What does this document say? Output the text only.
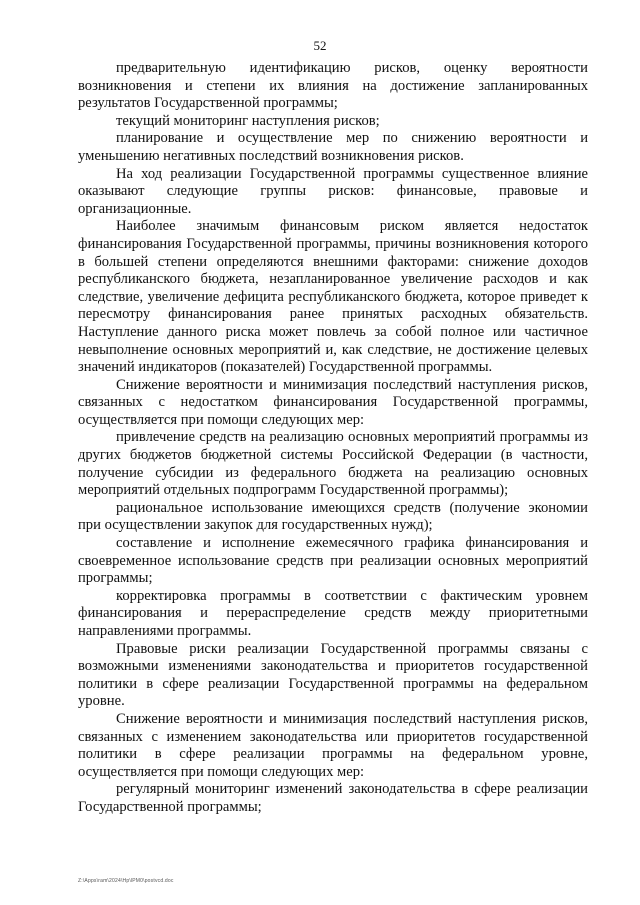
52

предварительную идентификацию рисков, оценку вероятности возникновения и степени их влияния на достижение запланированных результатов Государственной программы;

текущий мониторинг наступления рисков;

планирование и осуществление мер по снижению вероятности и уменьшению негативных последствий возникновения рисков.

На ход реализации Государственной программы существенное влияние оказывают следующие группы рисков: финансовые, правовые и организационные.

Наиболее значимым финансовым риском является недостаток финансирования Государственной программы, причины возникновения которого в большей степени определяются внешними факторами: снижение доходов республиканского бюджета, незапланированное увеличение расходов и как следствие, увеличение дефицита республиканского бюджета, которое приведет к пересмотру финансирования ранее принятых расходных обязательств. Наступление данного риска может повлечь за собой полное или частичное невыполнение основных мероприятий и, как следствие, не достижение целевых значений индикаторов (показателей) Государственной программы.

Снижение вероятности и минимизация последствий наступления рисков, связанных с недостатком финансирования Государственной программы, осуществляется при помощи следующих мер:

привлечение средств на реализацию основных мероприятий программы из других бюджетов бюджетной системы Российской Федерации (в частности, получение субсидии из федерального бюджета на реализацию основных мероприятий отдельных подпрограмм Государственной программы);

рациональное использование имеющихся средств (получение экономии при осуществлении закупок для государственных нужд);

составление и исполнение ежемесячного графика финансирования и своевременное использование средств при реализации основных мероприятий программы;

корректировка программы в соответствии с фактическим уровнем финансирования и перераспределение средств между приоритетными направлениями программы.

Правовые риски реализации Государственной программы связаны с возможными изменениями законодательства и приоритетов государственной политики в сфере реализации Государственной программы на федеральном уровне.

Снижение вероятности и минимизация последствий наступления рисков, связанных с изменением законодательства или приоритетов государственной политики в сфере реализации программы на федеральном уровне, осуществляется при помощи следующих мер:

регулярный мониторинг изменений законодательства в сфере реализации Государственной программы;

Z:\Apps\ram\2024\Hp\lPM0\postvcd.doc
